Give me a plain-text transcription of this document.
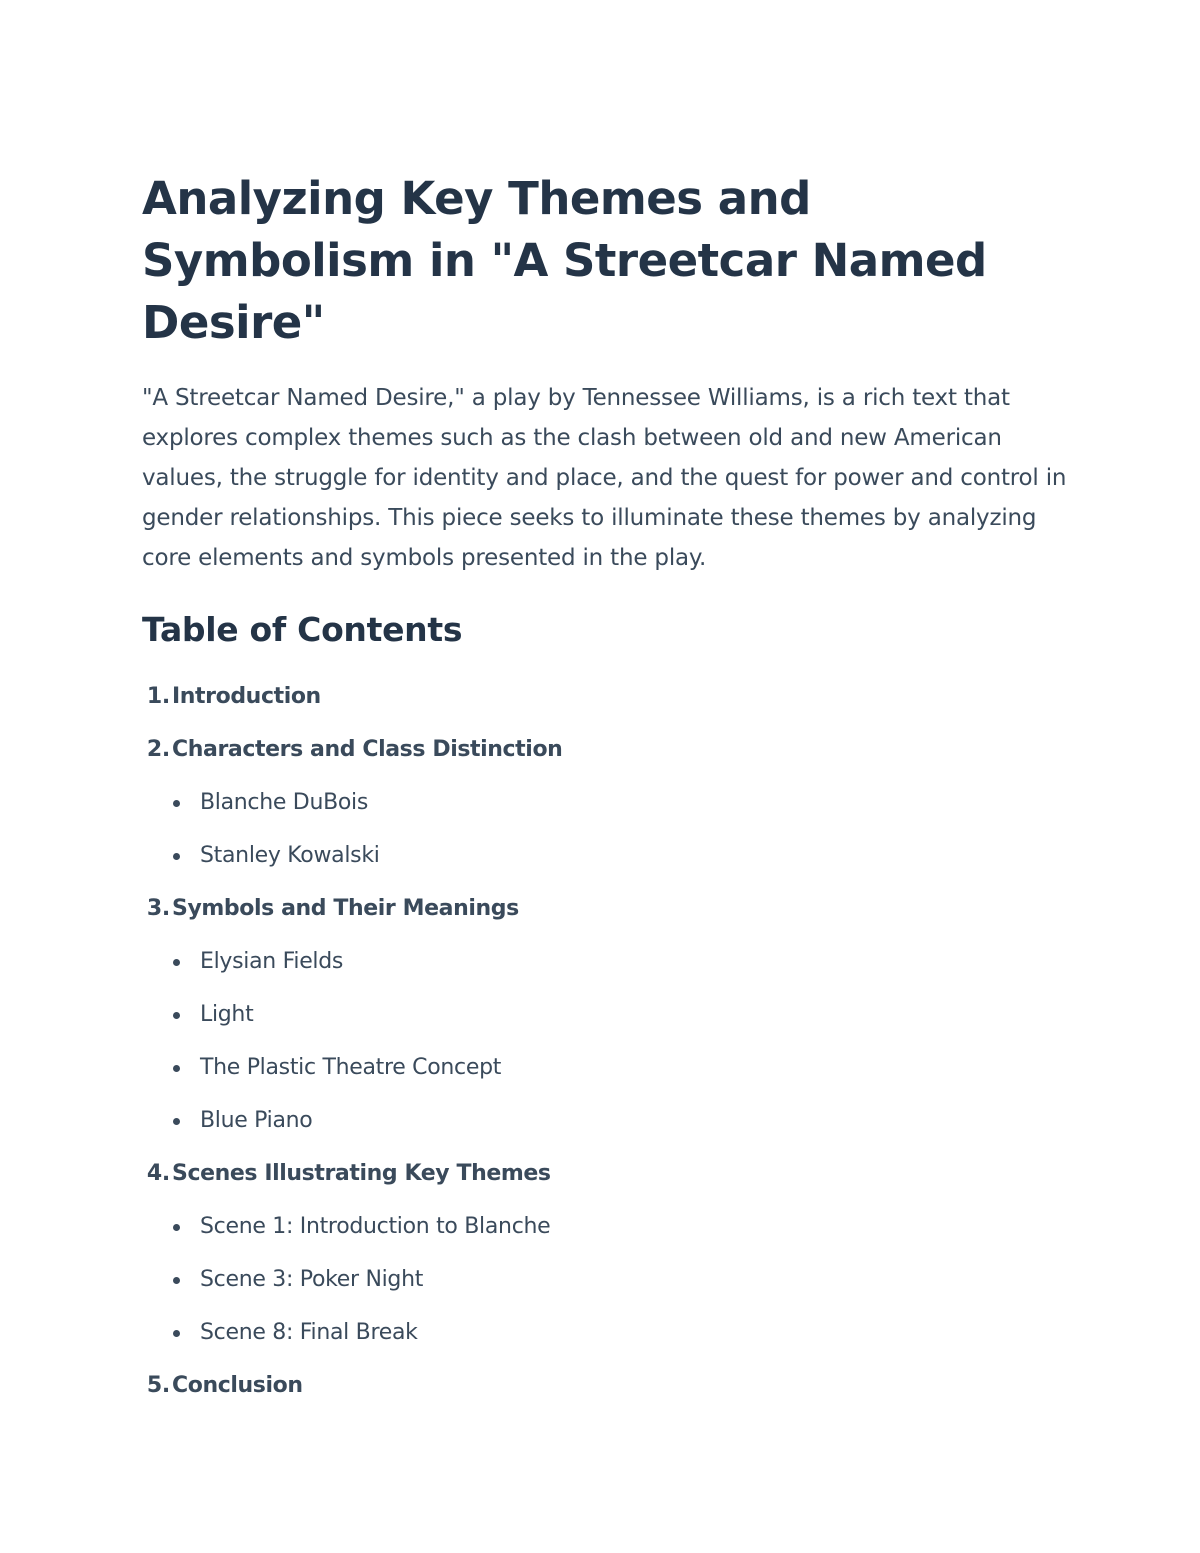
Analyzing Key Themes and Symbolism in "A Streetcar Named Desire"

"A Streetcar Named Desire," a play by Tennessee Williams, is a rich text that explores complex themes such as the clash between old and new American values, the struggle for identity and place, and the quest for power and control in gender relationships. This piece seeks to illuminate these themes by analyzing core elements and symbols presented in the play.

Table of Contents
1. Introduction
2. Characters and Class Distinction
Blanche DuBois
Stanley Kowalski
3. Symbols and Their Meanings
Elysian Fields
Light
The Plastic Theatre Concept
Blue Piano
4. Scenes Illustrating Key Themes
Scene 1: Introduction to Blanche
Scene 3: Poker Night
Scene 8: Final Break
5. Conclusion
